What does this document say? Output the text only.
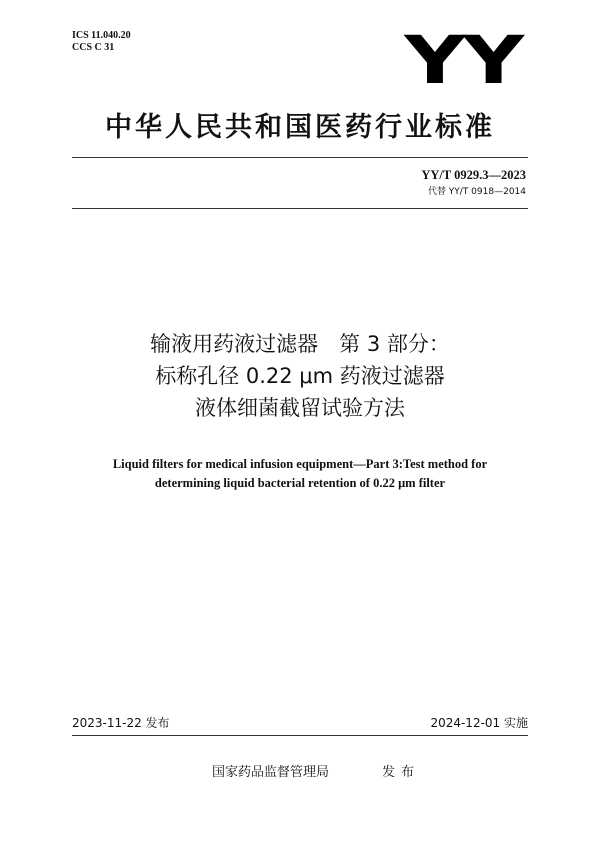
ICS 11.040.20
CCS C 31	YY
中华人民共和国医药行业标准
YY/T 0929.3—2023
代替 YY/T 0918—2014
输液用药液过滤器　第 3 部分：
标称孔径 0.22 μm 药液过滤器
液体细菌截留试验方法
Liquid filters for medical infusion equipment—Part 3:Test method for
determining liquid bacterial retention of 0.22 μm filter
2023-11-22 发布	2024-12-01 实施
国家药品监督管理局	发布
